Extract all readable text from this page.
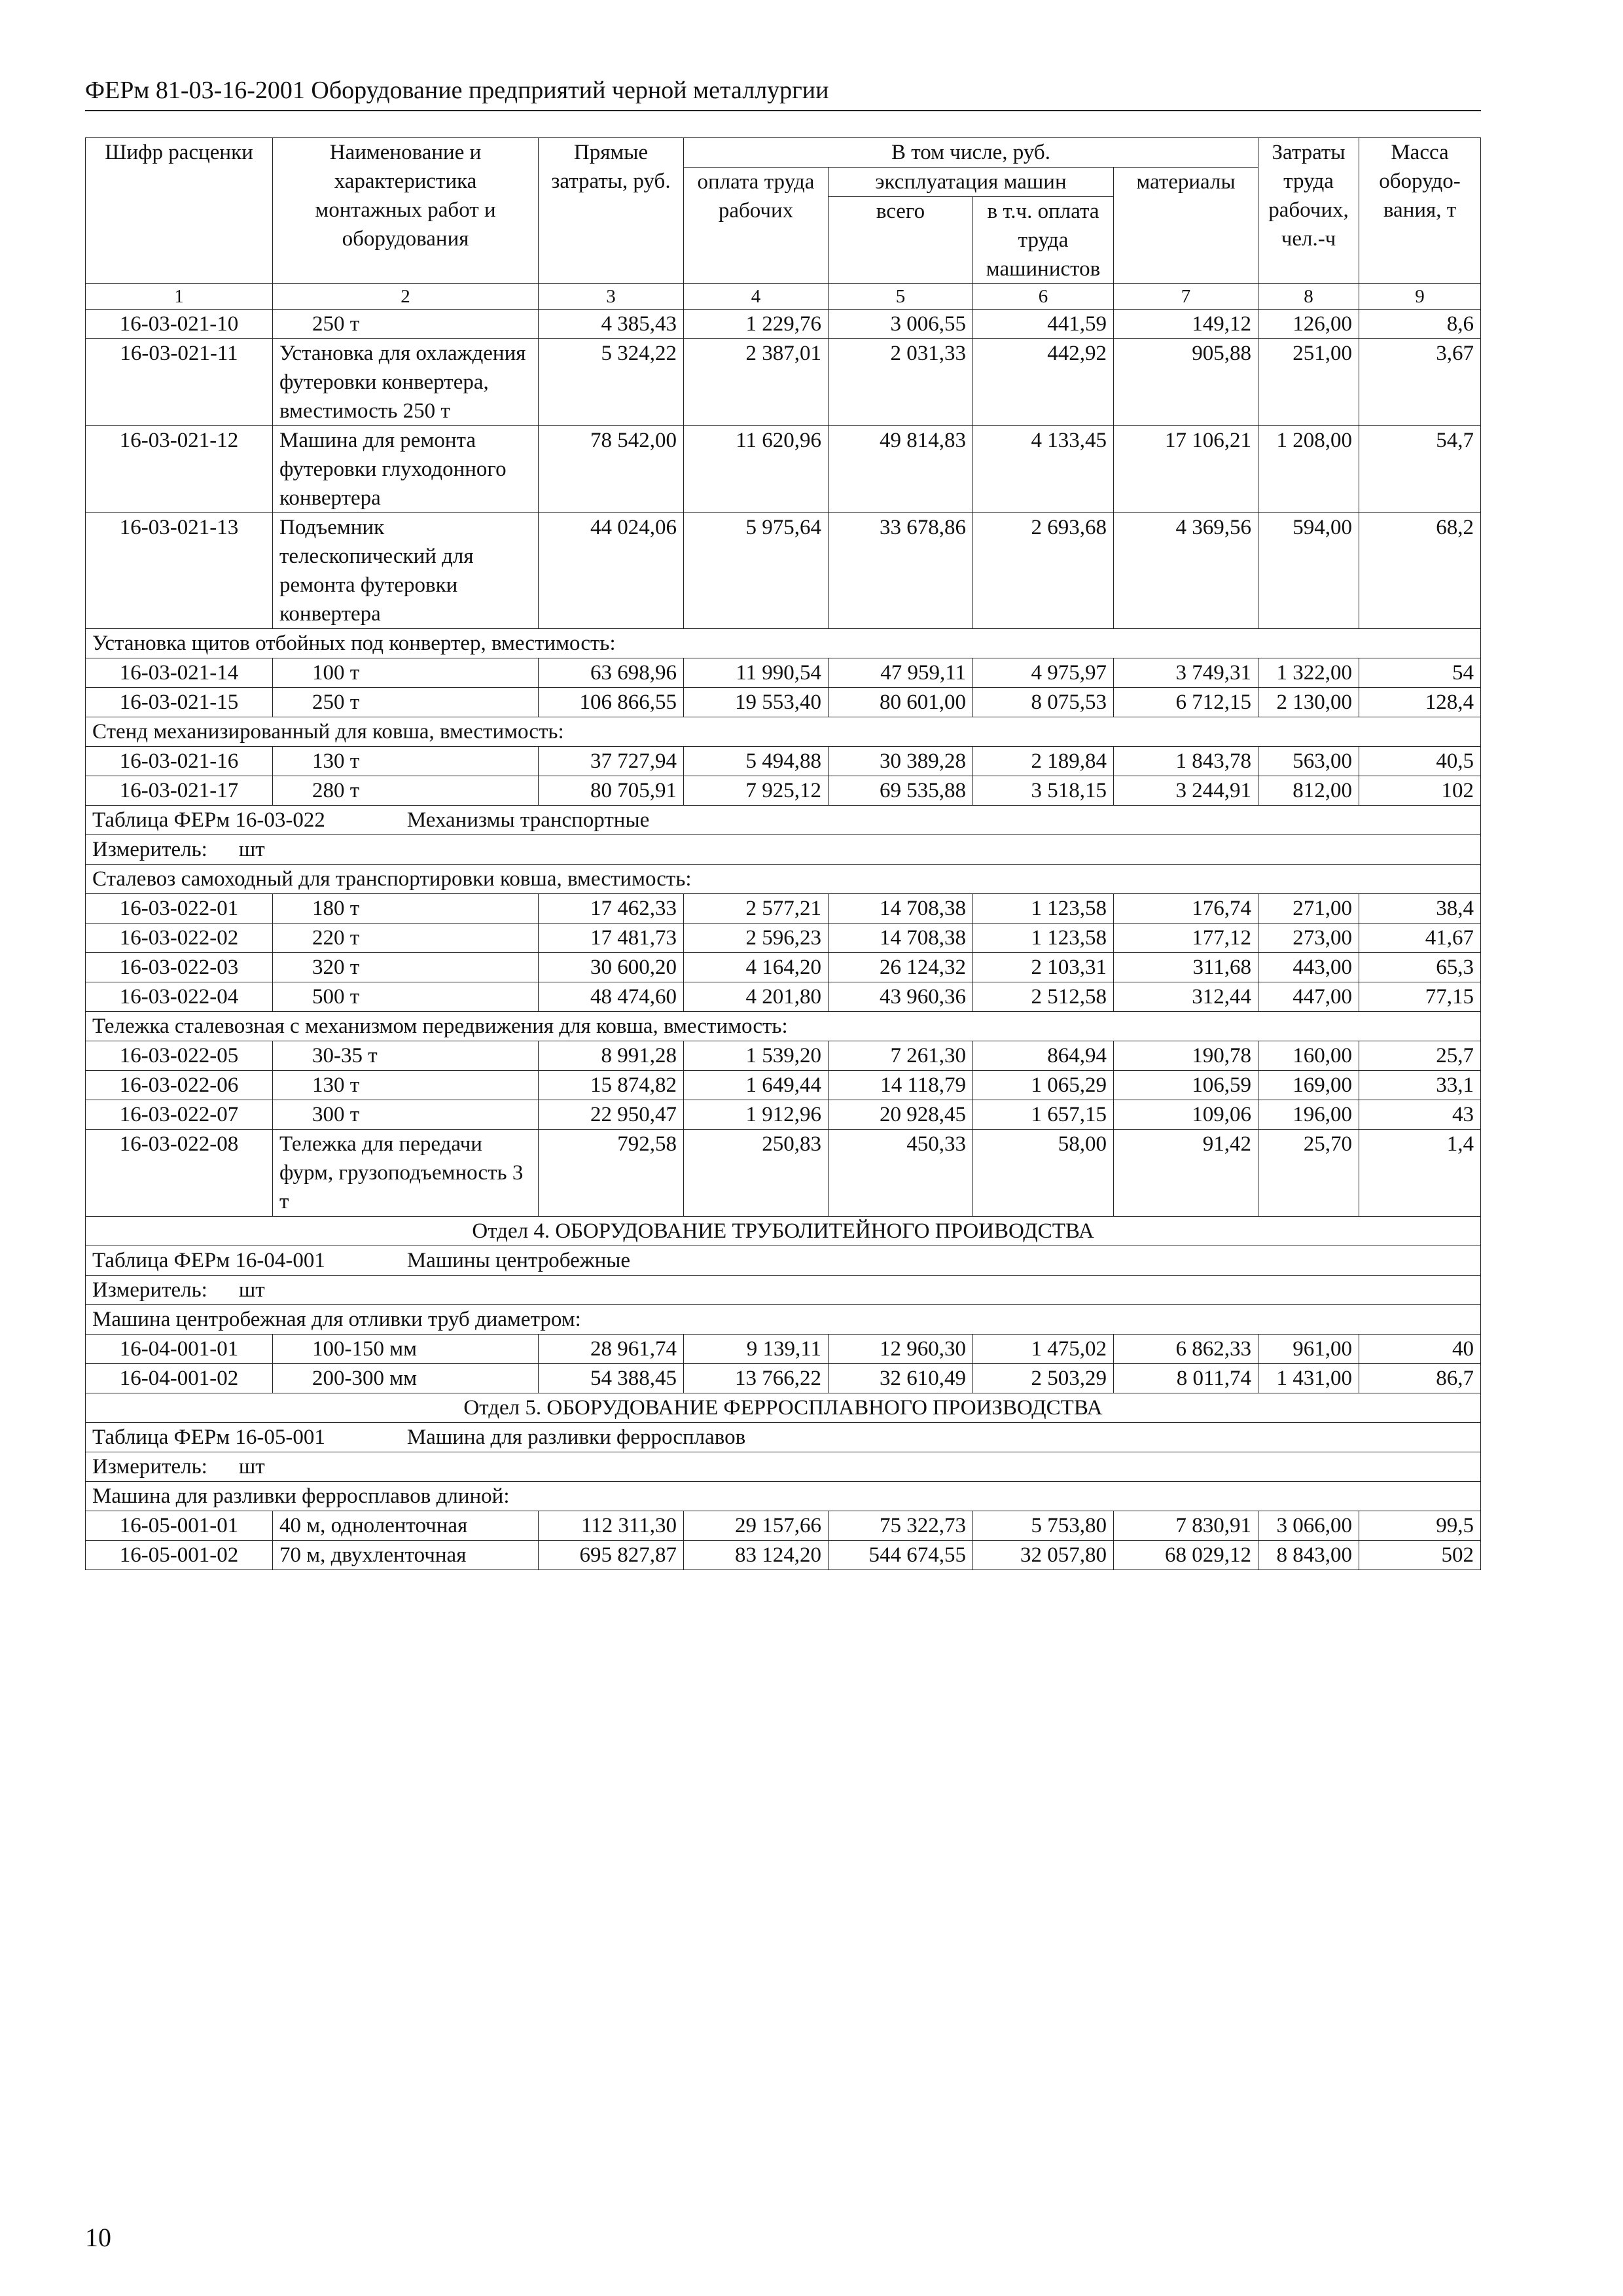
ФЕРм 81-03-16-2001 Оборудование предприятий черной металлургии
Шифр расценки	Наименование и характеристика монтажных работ и оборудования	Прямые затраты, руб.	В том числе, руб.				Затраты труда рабочих, чел.-ч	Масса оборудо-вания, т
			оплата труда рабочих	эксплуатация машин		материалы		
				всего	в т.ч. оплата труда машинистов			
1	2	3	4	5	6	7	8	9
16-03-021-10	250 т	4 385,43	1 229,76	3 006,55	441,59	149,12	126,00	8,6
16-03-021-11	Установка для охлаждения футеровки конвертера, вместимость 250 т	5 324,22	2 387,01	2 031,33	442,92	905,88	251,00	3,67
16-03-021-12	Машина для ремонта футеровки глуходонного конвертера	78 542,00	11 620,96	49 814,83	4 133,45	17 106,21	1 208,00	54,7
16-03-021-13	Подъемник телескопический для ремонта футеровки конвертера	44 024,06	5 975,64	33 678,86	2 693,68	4 369,56	594,00	68,2
Установка щитов отбойных под конвертер, вместимость:								
16-03-021-14	100 т	63 698,96	11 990,54	47 959,11	4 975,97	3 749,31	1 322,00	54
16-03-021-15	250 т	106 866,55	19 553,40	80 601,00	8 075,53	6 712,15	2 130,00	128,4
Стенд механизированный для ковша, вместимость:								
16-03-021-16	130 т	37 727,94	5 494,88	30 389,28	2 189,84	1 843,78	563,00	40,5
16-03-021-17	280 т	80 705,91	7 925,12	69 535,88	3 518,15	3 244,91	812,00	102
Таблица ФЕРм 16-03-022 Механизмы транспортные								
Измеритель: шт								
Сталевоз самоходный для транспортировки ковша, вместимость:								
16-03-022-01	180 т	17 462,33	2 577,21	14 708,38	1 123,58	176,74	271,00	38,4
16-03-022-02	220 т	17 481,73	2 596,23	14 708,38	1 123,58	177,12	273,00	41,67
16-03-022-03	320 т	30 600,20	4 164,20	26 124,32	2 103,31	311,68	443,00	65,3
16-03-022-04	500 т	48 474,60	4 201,80	43 960,36	2 512,58	312,44	447,00	77,15
Тележка сталевозная с механизмом передвижения для ковша, вместимость:								
16-03-022-05	30-35 т	8 991,28	1 539,20	7 261,30	864,94	190,78	160,00	25,7
16-03-022-06	130 т	15 874,82	1 649,44	14 118,79	1 065,29	106,59	169,00	33,1
16-03-022-07	300 т	22 950,47	1 912,96	20 928,45	1 657,15	109,06	196,00	43
16-03-022-08	Тележка для передачи фурм, грузоподъемность 3 т	792,58	250,83	450,33	58,00	91,42	25,70	1,4
Отдел 4. ОБОРУДОВАНИЕ ТРУБОЛИТЕЙНОГО ПРОИВОДСТВА								
Таблица ФЕРм 16-04-001 Машины центробежные								
Измеритель: шт								
Машина центробежная для отливки труб диаметром:								
16-04-001-01	100-150 мм	28 961,74	9 139,11	12 960,30	1 475,02	6 862,33	961,00	40
16-04-001-02	200-300 мм	54 388,45	13 766,22	32 610,49	2 503,29	8 011,74	1 431,00	86,7
Отдел 5. ОБОРУДОВАНИЕ ФЕРРОСПЛАВНОГО ПРОИЗВОДСТВА								
Таблица ФЕРм 16-05-001 Машина для разливки ферросплавов								
Измеритель: шт								
Машина для разливки ферросплавов длиной:								
16-05-001-01	40 м, одноленточная	112 311,30	29 157,66	75 322,73	5 753,80	7 830,91	3 066,00	99,5
16-05-001-02	70 м, двухленточная	695 827,87	83 124,20	544 674,55	32 057,80	68 029,12	8 843,00	502
10
